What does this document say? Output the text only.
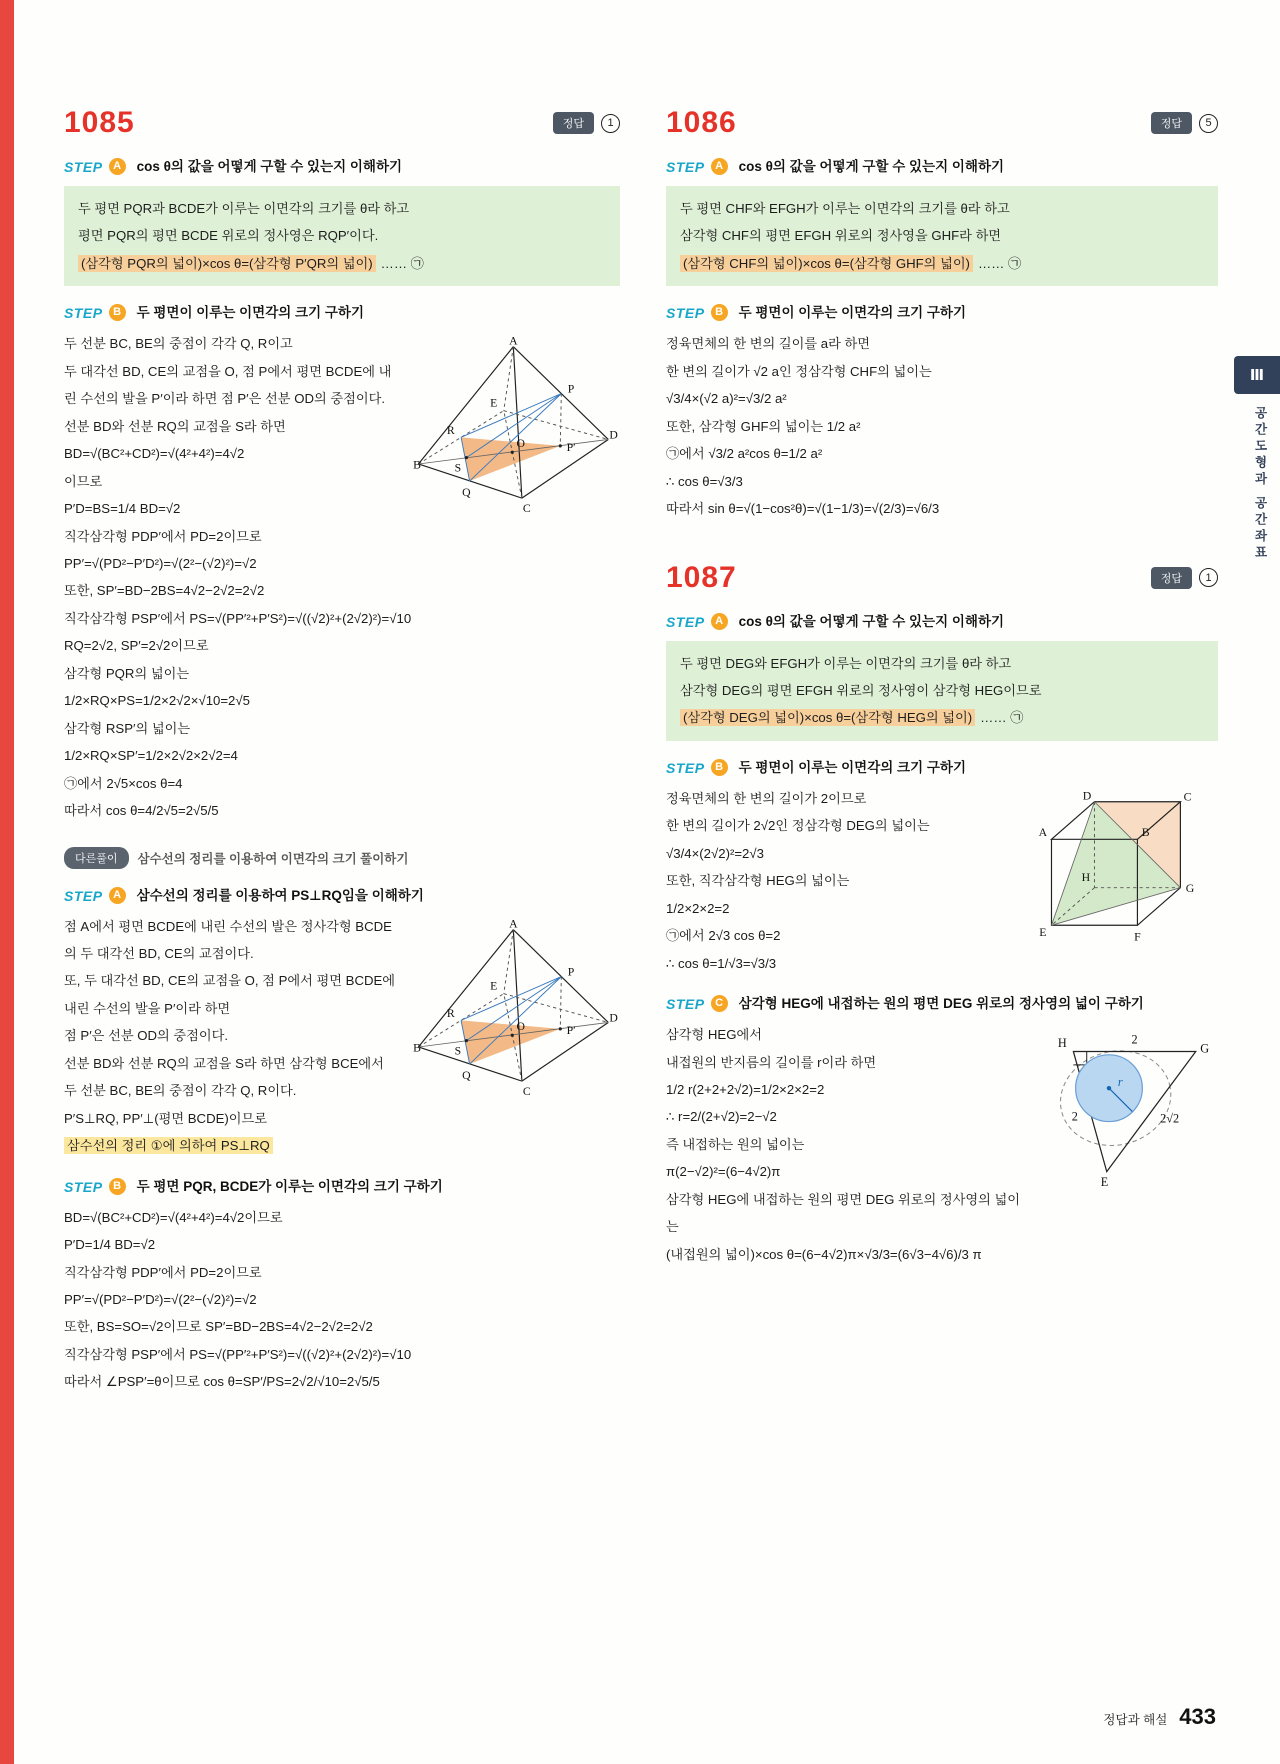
1085	정답	1
STEP A	cos θ의 값을 어떻게 구할 수 있는지 이해하기
두 평면 PQR과 BCDE가 이루는 이면각의 크기를 θ라 하고
평면 PQR의 평면 BCDE 위로의 정사영은 RQP′이다.
(삼각형 PQR의 넓이)×cos θ=(삼각형 P′QR의 넓이) …… ㉠
STEP B	두 평면이 이루는 이면각의 크기 구하기
A
B
C
D
E
P
R
S
O	P′
Q
두 선분 BC, BE의 중점이 각각 Q, R이고
두 대각선 BD, CE의 교점을 O, 점 P에서 평면 BCDE에 내린 수선의 발을 P′이라 하면 점 P′은 선분 OD의 중점이다.
선분 BD와 선분 RQ의 교점을 S라 하면
BD=√(BC²+CD²)=√(4²+4²)=4√2
이므로
P′D=BS=1/4 BD=√2
직각삼각형 PDP′에서 PD=2이므로
PP′=√(PD²−P′D²)=√(2²−(√2)²)=√2
또한, SP′=BD−2BS=4√2−2√2=2√2
직각삼각형 PSP′에서 PS=√(PP′²+P′S²)=√((√2)²+(2√2)²)=√10
RQ=2√2, SP′=2√2이므로
삼각형 PQR의 넓이는
1/2×RQ×PS=1/2×2√2×√10=2√5
삼각형 RSP′의 넓이는
1/2×RQ×SP′=1/2×2√2×2√2=4
㉠에서 2√5×cos θ=4
따라서 cos θ=4/2√5=2√5/5
다른풀이	삼수선의 정리를 이용하여 이면각의 크기 풀이하기
STEP A	삼수선의 정리를 이용하여 PS⊥RQ임을 이해하기
A
B
C
D
E
P
R
S
O	P′
Q
점 A에서 평면 BCDE에 내린 수선의 발은 정사각형 BCDE의 두 대각선 BD, CE의 교점이다.
또, 두 대각선 BD, CE의 교점을 O, 점 P에서 평면 BCDE에 내린 수선의 발을 P′이라 하면
점 P′은 선분 OD의 중점이다.
선분 BD와 선분 RQ의 교점을 S라 하면 삼각형 BCE에서 두 선분 BC, BE의 중점이 각각 Q, R이다.
P′S⊥RQ, PP′⊥(평면 BCDE)이므로
삼수선의 정리 ①에 의하여 PS⊥RQ
STEP B	두 평면 PQR, BCDE가 이루는 이면각의 크기 구하기
BD=√(BC²+CD²)=√(4²+4²)=4√2이므로
P′D=1/4 BD=√2
직각삼각형 PDP′에서 PD=2이므로
PP′=√(PD²−P′D²)=√(2²−(√2)²)=√2
또한, BS=SO=√2이므로 SP′=BD−2BS=4√2−2√2=2√2
직각삼각형 PSP′에서 PS=√(PP′²+P′S²)=√((√2)²+(2√2)²)=√10
따라서 ∠PSP′=θ이므로 cos θ=SP′/PS=2√2/√10=2√5/5
1086	정답	5
STEP A	cos θ의 값을 어떻게 구할 수 있는지 이해하기
두 평면 CHF와 EFGH가 이루는 이면각의 크기를 θ라 하고
삼각형 CHF의 평면 EFGH 위로의 정사영을 GHF라 하면
(삼각형 CHF의 넓이)×cos θ=(삼각형 GHF의 넓이) …… ㉠
STEP B	두 평면이 이루는 이면각의 크기 구하기
정육면체의 한 변의 길이를 a라 하면
한 변의 길이가 √2 a인 정삼각형 CHF의 넓이는
√3/4×(√2 a)²=√3/2 a²
또한, 삼각형 GHF의 넓이는 1/2 a²
㉠에서 √3/2 a²cos θ=1/2 a²
∴ cos θ=√3/3
따라서 sin θ=√(1−cos²θ)=√(1−1/3)=√(2/3)=√6/3
1087	정답	1
STEP A	cos θ의 값을 어떻게 구할 수 있는지 이해하기
두 평면 DEG와 EFGH가 이루는 이면각의 크기를 θ라 하고
삼각형 DEG의 평면 EFGH 위로의 정사영이 삼각형 HEG이므로
(삼각형 DEG의 넓이)×cos θ=(삼각형 HEG의 넓이) …… ㉠
STEP B	두 평면이 이루는 이면각의 크기 구하기
A	B
C
D
E	F
G
H
정육면체의 한 변의 길이가 2이므로
한 변의 길이가 2√2인 정삼각형 DEG의 넓이는
√3/4×(2√2)²=2√3
또한, 직각삼각형 HEG의 넓이는
1/2×2×2=2
㉠에서 2√3 cos θ=2
∴ cos θ=1/√3=√3/3
STEP C	삼각형 HEG에 내접하는 원의 평면 DEG 위로의 정사영의 넓이 구하기
r
2
2	2√2
H	G
E
삼각형 HEG에서
내접원의 반지름의 길이를 r이라 하면
1/2 r(2+2+2√2)=1/2×2×2=2
∴ r=2/(2+√2)=2−√2
즉 내접하는 원의 넓이는
π(2−√2)²=(6−4√2)π
삼각형 HEG에 내접하는 원의 평면 DEG 위로의 정사영의 넓이는
(내접원의 넓이)×cos θ=(6−4√2)π×√3/3=(6√3−4√6)/3 π
Ⅲ
공간도형과 공간좌표
정답과 해설 433
